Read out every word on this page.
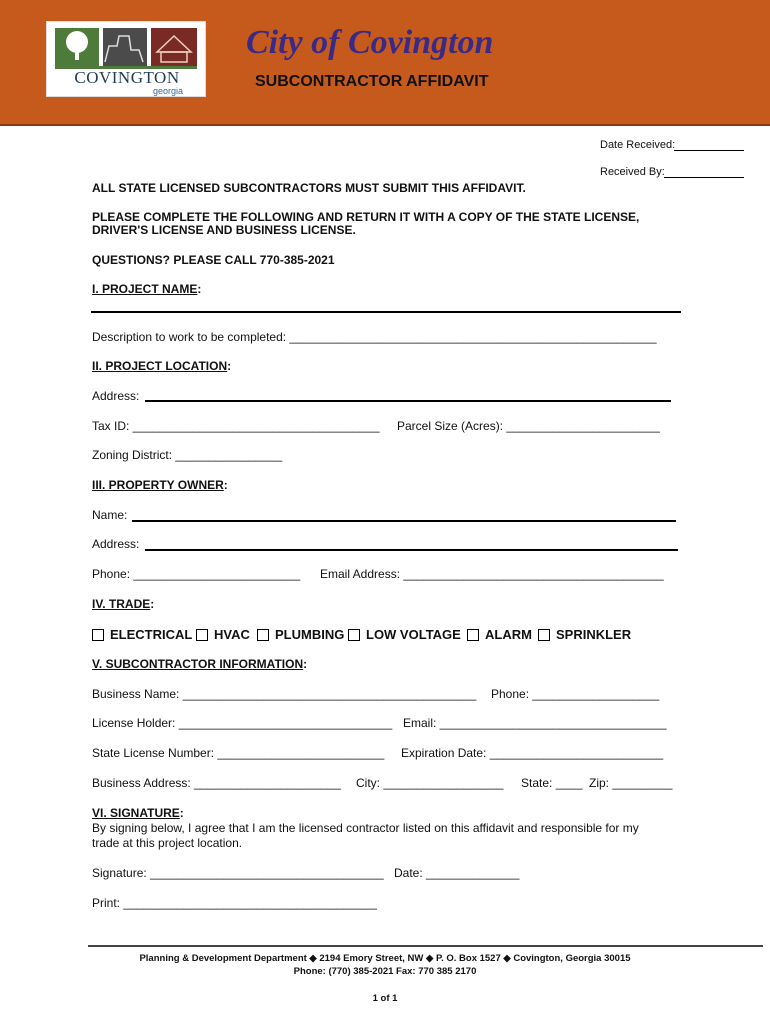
COVINGTON
georgia
City of Covington
SUBCONTRACTOR AFFIDAVIT
Date Received:
Received By:
ALL STATE LICENSED SUBCONTRACTORS MUST SUBMIT THIS AFFIDAVIT.
PLEASE COMPLETE THE FOLLOWING AND RETURN IT WITH A COPY OF THE STATE LICENSE,
DRIVER'S LICENSE AND BUSINESS LICENSE.
QUESTIONS? PLEASE CALL 770-385-2021
I. PROJECT NAME:
Description to work to be completed: _______________________________________________________
II. PROJECT LOCATION:
Address:
Tax ID: _____________________________________ Parcel Size (Acres): _______________________
Zoning District: ________________
III. PROPERTY OWNER:
Name:
Address:
Phone: _________________________ Email Address: _______________________________________
IV. TRADE:
ELECTRICAL	HVAC	PLUMBING	LOW VOLTAGE	ALARM	SPRINKLER
V. SUBCONTRACTOR INFORMATION:
Business Name: ____________________________________________ Phone: ___________________
License Holder: ________________________________ Email: __________________________________
State License Number: _________________________ Expiration Date: __________________________
Business Address: ______________________ City: __________________ State: ____ Zip: _________
VI. SIGNATURE:
By signing below, I agree that I am the licensed contractor listed on this affidavit and responsible for my
trade at this project location.
Signature: ___________________________________ Date: ______________
Print: ______________________________________
Planning & Development Department ◆ 2194 Emory Street, NW ◆ P. O. Box 1527 ◆ Covington, Georgia 30015
Phone: (770) 385-2021 Fax: 770 385 2170
1 of 1
